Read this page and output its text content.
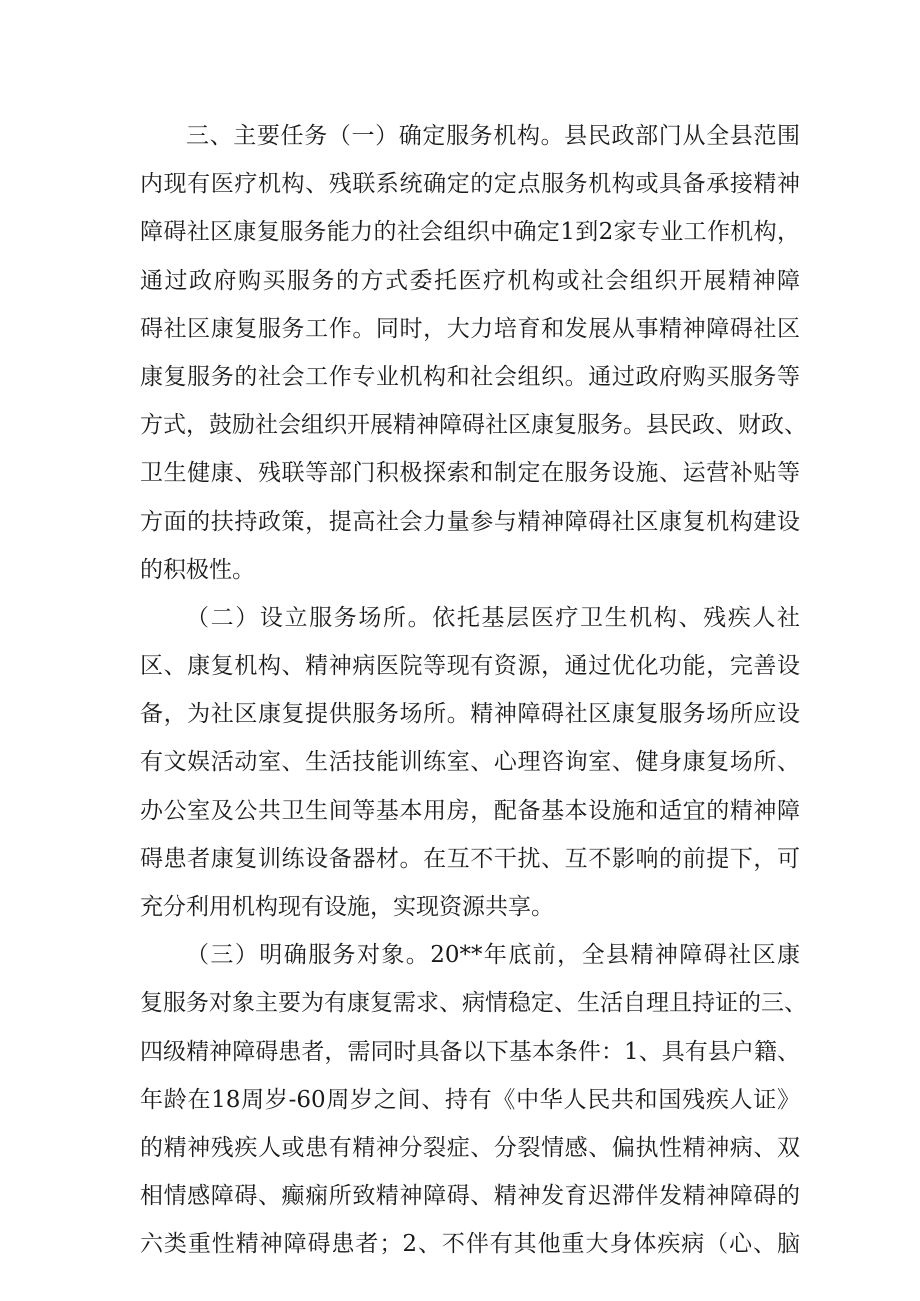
三、主要任务（一）确定服务机构。县民政部门从全县范围
内现有医疗机构、残联系统确定的定点服务机构或具备承接精神
障碍社区康复服务能力的社会组织中确定1到2家专业工作机构，
通过政府购买服务的方式委托医疗机构或社会组织开展精神障
碍社区康复服务工作。同时，大力培育和发展从事精神障碍社区
康复服务的社会工作专业机构和社会组织。通过政府购买服务等
方式，鼓励社会组织开展精神障碍社区康复服务。县民政、财政、
卫生健康、残联等部门积极探索和制定在服务设施、运营补贴等
方面的扶持政策，提高社会力量参与精神障碍社区康复机构建设
的积极性。
（二）设立服务场所。依托基层医疗卫生机构、残疾人社
区、康复机构、精神病医院等现有资源，通过优化功能，完善设
备，为社区康复提供服务场所。精神障碍社区康复服务场所应设
有文娱活动室、生活技能训练室、心理咨询室、健身康复场所、
办公室及公共卫生间等基本用房，配备基本设施和适宜的精神障
碍患者康复训练设备器材。在互不干扰、互不影响的前提下，可
充分利用机构现有设施，实现资源共享。
（三）明确服务对象。20**年底前，全县精神障碍社区康
复服务对象主要为有康复需求、病情稳定、生活自理且持证的三、
四级精神障碍患者，需同时具备以下基本条件：1、具有县户籍、
年龄在18周岁-60周岁之间、持有《中华人民共和国残疾人证》
的精神残疾人或患有精神分裂症、分裂情感、偏执性精神病、双
相情感障碍、癫痫所致精神障碍、精神发育迟滞伴发精神障碍的
六类重性精神障碍患者；2、不伴有其他重大身体疾病（心、脑
